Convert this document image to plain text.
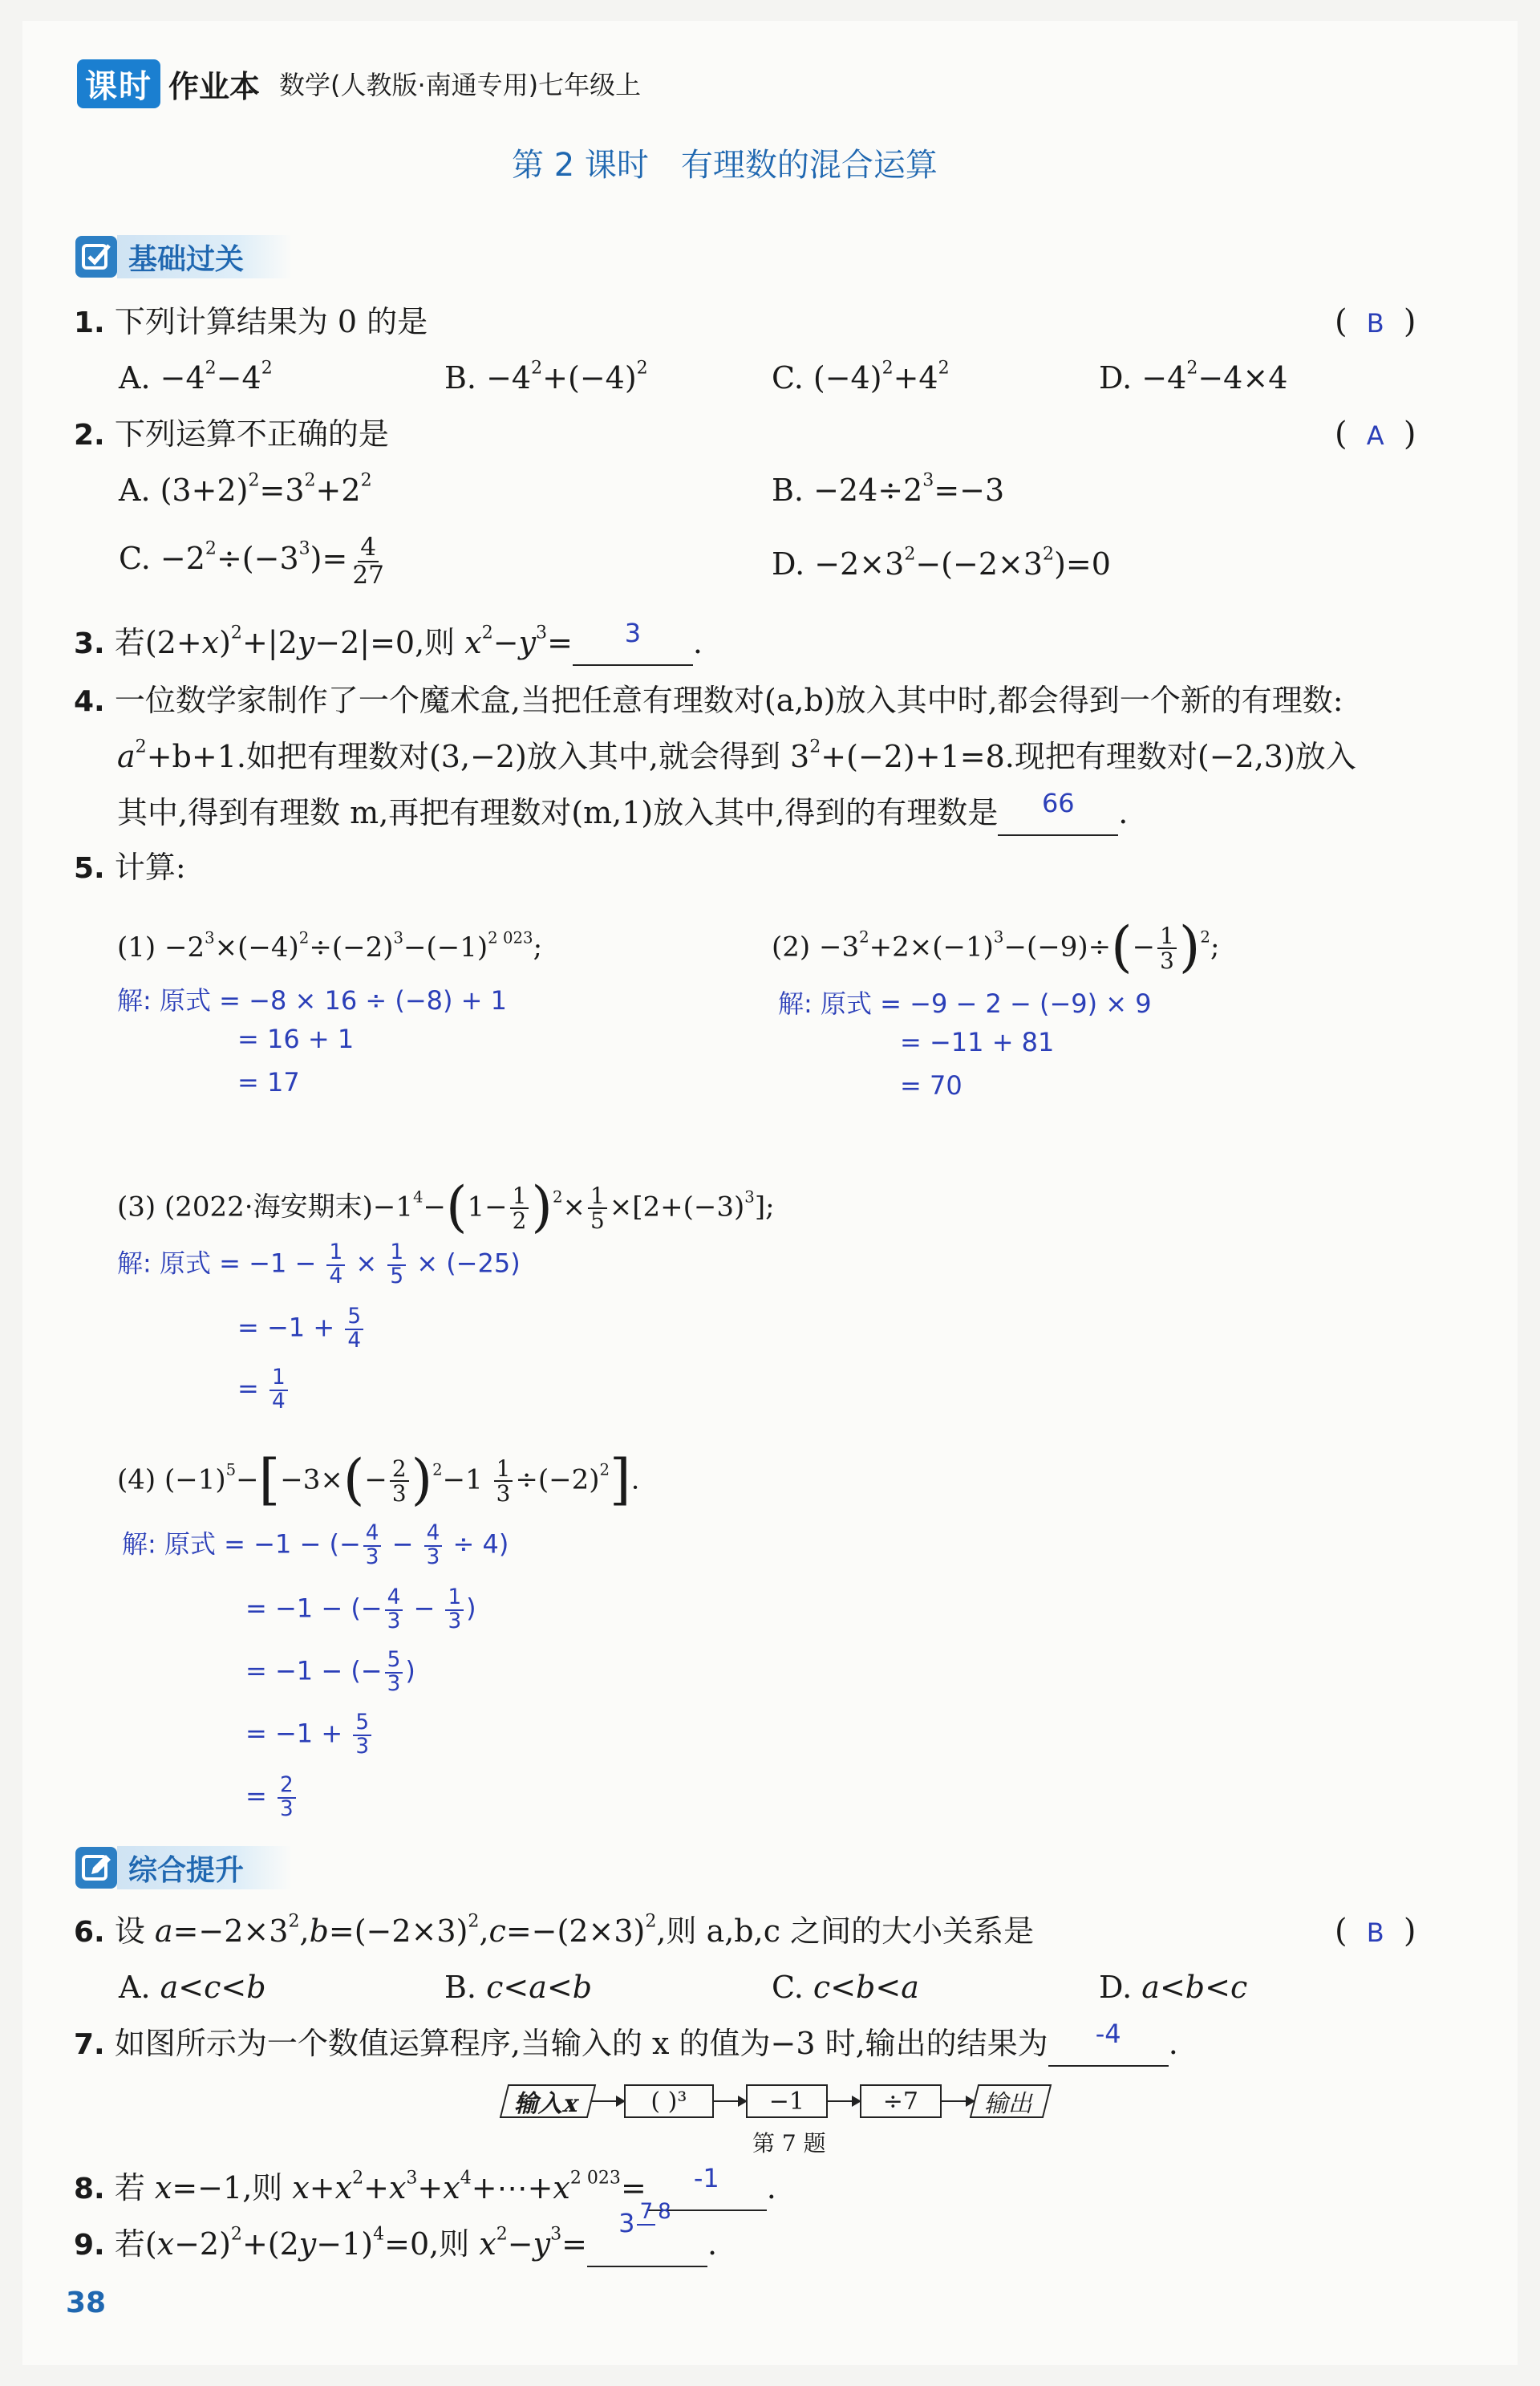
课时 作业本 数学(人教版·南通专用)七年级上
第 2 课时　有理数的混合运算
基础过关
1. 下列计算结果为 0 的是	( B )
A. $-4^2-4^2$	B. $-4^2+(-4)^2$	C. $(-4)^2+4^2$	D. $-4^2-4\times 4$
2. 下列运算不正确的是	( A )
A. $(3+2)^2=3^2+2^2$	B. $-24\div 2^3=-3$
C. $-2^2\div(-3^3)= \frac{4}{27}$	D. $-2\times 3^2-(-2\times 3^2)=0$
3. 若$(2+x)^2+|2y-2|=0$,则 $x^2-y^3= 3$ .
4. 一位数学家制作了一个魔术盒,当把任意有理数对(a,b)放入其中时,都会得到一个新的有理数:
$a^2+b+1$.如把有理数对(3,−2)放入其中,就会得到 $3^2+(-2)+1=8$.现把有理数对(−2,3)放入
其中,得到有理数 m,再把有理数对(m,1)放入其中,得到的有理数是 66 .
5. 计算:
$(1) -2^3\times(-4)^2\div(-2)^3-(-1)^{2 023}$;
解: 原式 = −8 × 16 ÷ (−8) + 1
= 16 + 1
= 17
$(2) -3^2+2\times(-1)^3-(-9)\div(- \frac{1}{3} )^2$;
解: 原式 = −9 − 2 − (−9) × 9
= −11 + 81
= 70
(3) (2022·海安期末)$-1^4-(1- \frac{1}{2} )^2\times \frac{1}{5} \times[2+(-3)^3]$;
解: 原式 = $-1 - \frac{1}{4} \times \frac{1}{5} \times (-25)$
= $-1 + \frac{5}{4}$
= $\frac{1}{4}$
(4) $(-1)^5-[-3\times(- \frac{2}{3} )^2-1 \frac{1}{3} \div(-2)^2]$.
解: 原式 = −1 − (− $\frac{4}{3} - \frac{4}{3} \div 4$)
= −1 − (− $\frac{4}{3} - \frac{1}{3}$ )
= −1 − (− $\frac{5}{3}$ )
= $-1 + \frac{5}{3}$
= $\frac{2}{3}$
综合提升
6. 设 $a=-2\times 3^2,b=(-2\times 3)^2,c=-(2\times 3)^2$,则 a,b,c 之间的大小关系是	( B )
A. a<c<b	B. c<a<b	C. c<b<a	D. a<b<c
7. 如图所示为一个数值运算程序,当输入的 x 的值为−3 时,输出的结果为 -4 .
输入x	( )³	−1	÷7	输出
第 7 题
8. 若 x=−1,则 $x+x^2+x^3+x^4+\cdots+x^{2 023}= -1$ .
9. 若$(x-2)^2+(2y-1)^4=0$,则 $x^2-y^3=3$ 7 8.
38
